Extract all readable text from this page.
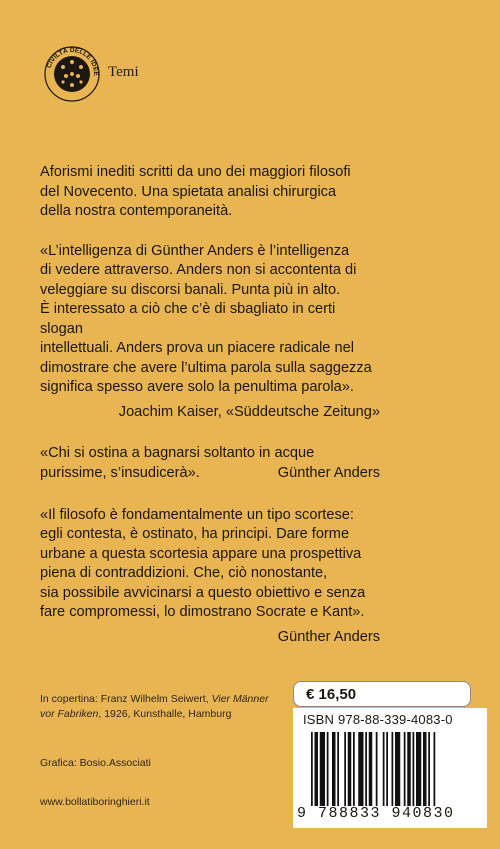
CIVILTÀ DELLE IDEE Temi

Aforismi inediti scritti da uno dei maggiori filosofi

del Novecento. Una spietata analisi chirurgica

della nostra contemporaneità.

«L’intelligenza di Günther Anders è l’intelligenza

di vedere attraverso. Anders non si accontenta di

veleggiare su discorsi banali. Punta più in alto.

È interessato a ciò che c’è di sbagliato in certi slogan

intellettuali. Anders prova un piacere radicale nel

dimostrare che avere l’ultima parola sulla saggezza

significa spesso avere solo la penultima parola».

Joachim Kaiser, «Süddeutsche Zeitung»

«Chi si ostina a bagnarsi soltanto in acque

purissime, s’insudicerà».	Günther Anders

«Il filosofo è fondamentalmente un tipo scortese:

egli contesta, è ostinato, ha principi. Dare forme

urbane a questa scortesia appare una prospettiva

piena di contraddizioni. Che, ciò nonostante,

sia possibile avvicinarsi a questo obiettivo e senza

fare compromessi, lo dimostrano Socrate e Kant».

Günther Anders

In copertina: Franz Wilhelm Seiwert, Vier Männer
vor Fabriken, 1926, Kunsthalle, Hamburg
Grafica: Bosio.Associati
www.bollatiboringhieri.it
€ 16,50
ISBN 978-88-339-4083-0
9 788833 940830
